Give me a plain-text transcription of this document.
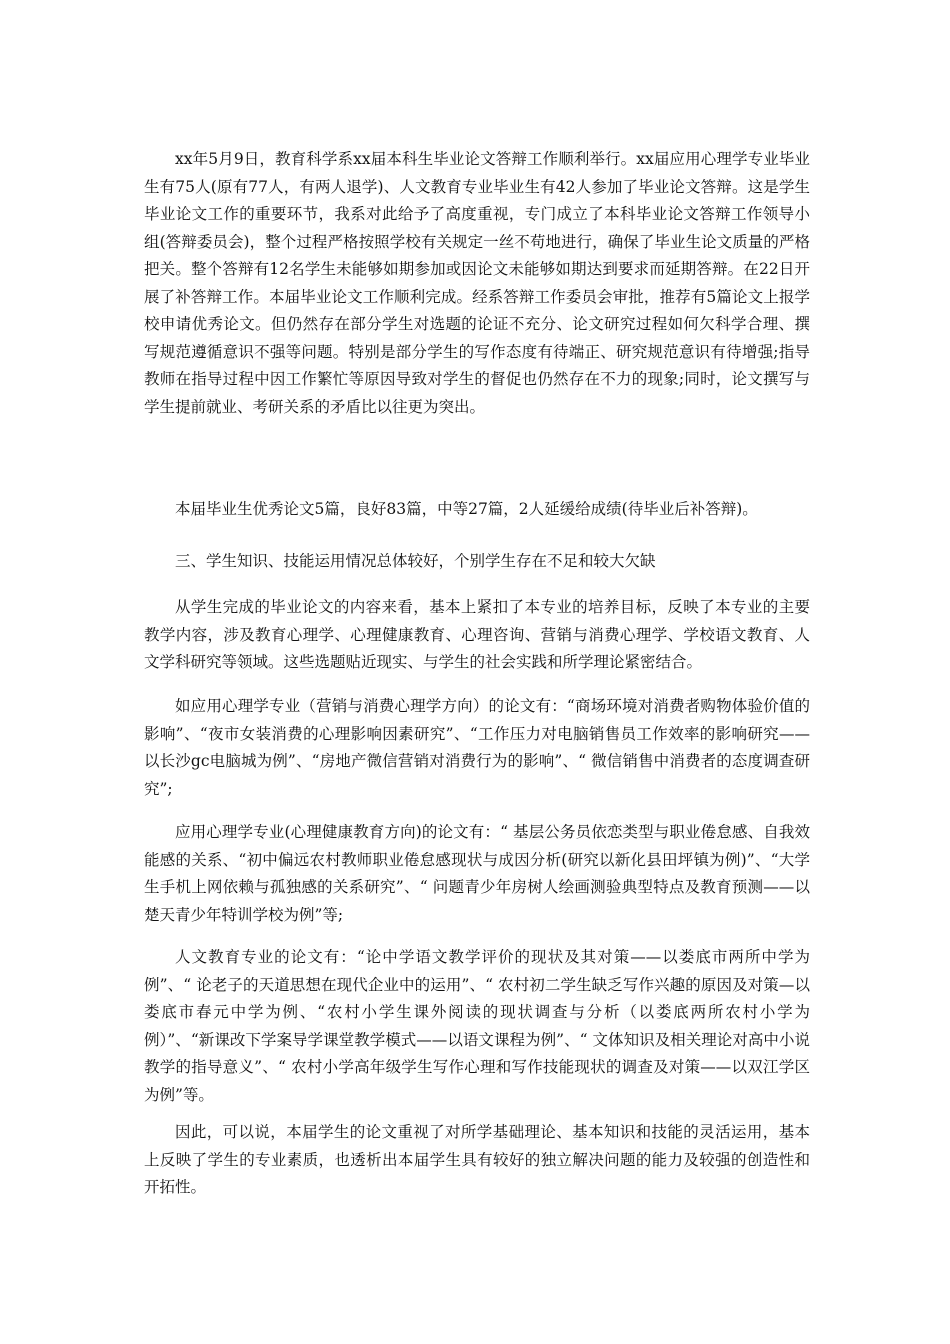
xx年5月9日，教育科学系xx届本科生毕业论文答辩工作顺利举行。xx届应用心理学专业毕业生有75人(原有77人，有两人退学)、人文教育专业毕业生有42人参加了毕业论文答辩。这是学生毕业论文工作的重要环节，我系对此给予了高度重视，专门成立了本科毕业论文答辩工作领导小组(答辩委员会)，整个过程严格按照学校有关规定一丝不苟地进行，确保了毕业生论文质量的严格把关。整个答辩有12名学生未能够如期参加或因论文未能够如期达到要求而延期答辩。在22日开展了补答辩工作。本届毕业论文工作顺利完成。经系答辩工作委员会审批，推荐有5篇论文上报学校申请优秀论文。但仍然存在部分学生对选题的论证不充分、论文研究过程如何欠科学合理、撰写规范遵循意识不强等问题。特别是部分学生的写作态度有待端正、研究规范意识有待增强;指导教师在指导过程中因工作繁忙等原因导致对学生的督促也仍然存在不力的现象;同时，论文撰写与学生提前就业、考研关系的矛盾比以往更为突出。

本届毕业生优秀论文5篇，良好83篇，中等27篇，2人延缓给成绩(待毕业后补答辩)。

三、学生知识、技能运用情况总体较好，个别学生存在不足和较大欠缺

从学生完成的毕业论文的内容来看，基本上紧扣了本专业的培养目标，反映了本专业的主要教学内容，涉及教育心理学、心理健康教育、心理咨询、营销与消费心理学、学校语文教育、人文学科研究等领域。这些选题贴近现实、与学生的社会实践和所学理论紧密结合。

如应用心理学专业（营销与消费心理学方向）的论文有：“商场环境对消费者购物体验价值的影响”、“夜市女装消费的心理影响因素研究”、“工作压力对电脑销售员工作效率的影响研究——以长沙gc电脑城为例”、“房地产微信营销对消费行为的影响”、“ 微信销售中消费者的态度调查研究”;

应用心理学专业(心理健康教育方向)的论文有：“ 基层公务员依恋类型与职业倦怠感、自我效能感的关系、“初中偏远农村教师职业倦怠感现状与成因分析(研究以新化县田坪镇为例)”、“大学生手机上网依赖与孤独感的关系研究”、“ 问题青少年房树人绘画测验典型特点及教育预测——以楚天青少年特训学校为例”等;

人文教育专业的论文有：“论中学语文教学评价的现状及其对策——以娄底市两所中学为例”、“ 论老子的天道思想在现代企业中的运用”、“ 农村初二学生缺乏写作兴趣的原因及对策—以娄底市春元中学为例、“农村小学生课外阅读的现状调查与分析（以娄底两所农村小学为例）”、“新课改下学案导学课堂教学模式——以语文课程为例”、“ 文体知识及相关理论对高中小说教学的指导意义”、“ 农村小学高年级学生写作心理和写作技能现状的调查及对策——以双江学区为例”等。

因此，可以说，本届学生的论文重视了对所学基础理论、基本知识和技能的灵活运用，基本上反映了学生的专业素质，也透析出本届学生具有较好的独立解决问题的能力及较强的创造性和开拓性。
